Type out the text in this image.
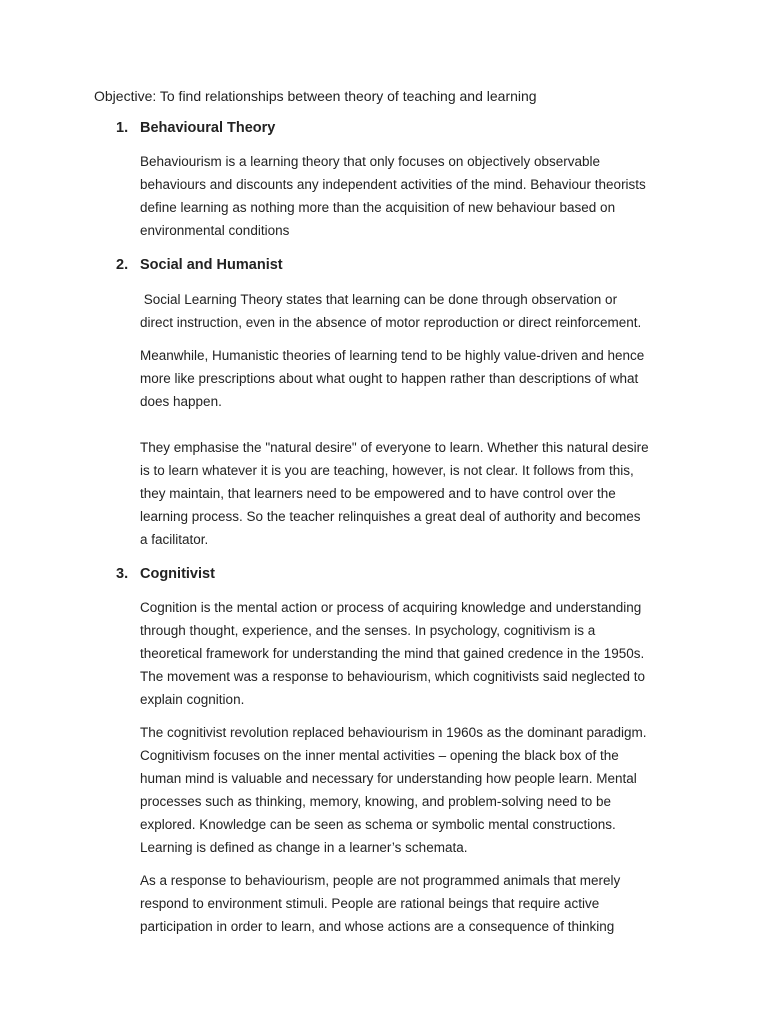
Objective: To find relationships between theory of teaching and learning
1. Behavioural Theory
Behaviourism is a learning theory that only focuses on objectively observable
behaviours and discounts any independent activities of the mind. Behaviour theorists
define learning as nothing more than the acquisition of new behaviour based on
environmental conditions
2. Social and Humanist
Social Learning Theory states that learning can be done through observation or
direct instruction, even in the absence of motor reproduction or direct reinforcement.
Meanwhile, Humanistic theories of learning tend to be highly value-driven and hence
more like prescriptions about what ought to happen rather than descriptions of what
does happen.
They emphasise the "natural desire" of everyone to learn. Whether this natural desire
is to learn whatever it is you are teaching, however, is not clear. It follows from this,
they maintain, that learners need to be empowered and to have control over the
learning process. So the teacher relinquishes a great deal of authority and becomes
a facilitator.
3. Cognitivist
Cognition is the mental action or process of acquiring knowledge and understanding
through thought, experience, and the senses. In psychology, cognitivism is a
theoretical framework for understanding the mind that gained credence in the 1950s.
The movement was a response to behaviourism, which cognitivists said neglected to
explain cognition.
The cognitivist revolution replaced behaviourism in 1960s as the dominant paradigm.
Cognitivism focuses on the inner mental activities – opening the black box of the
human mind is valuable and necessary for understanding how people learn. Mental
processes such as thinking, memory, knowing, and problem-solving need to be
explored. Knowledge can be seen as schema or symbolic mental constructions.
Learning is defined as change in a learner’s schemata.
As a response to behaviourism, people are not programmed animals that merely
respond to environment stimuli. People are rational beings that require active
participation in order to learn, and whose actions are a consequence of thinking
